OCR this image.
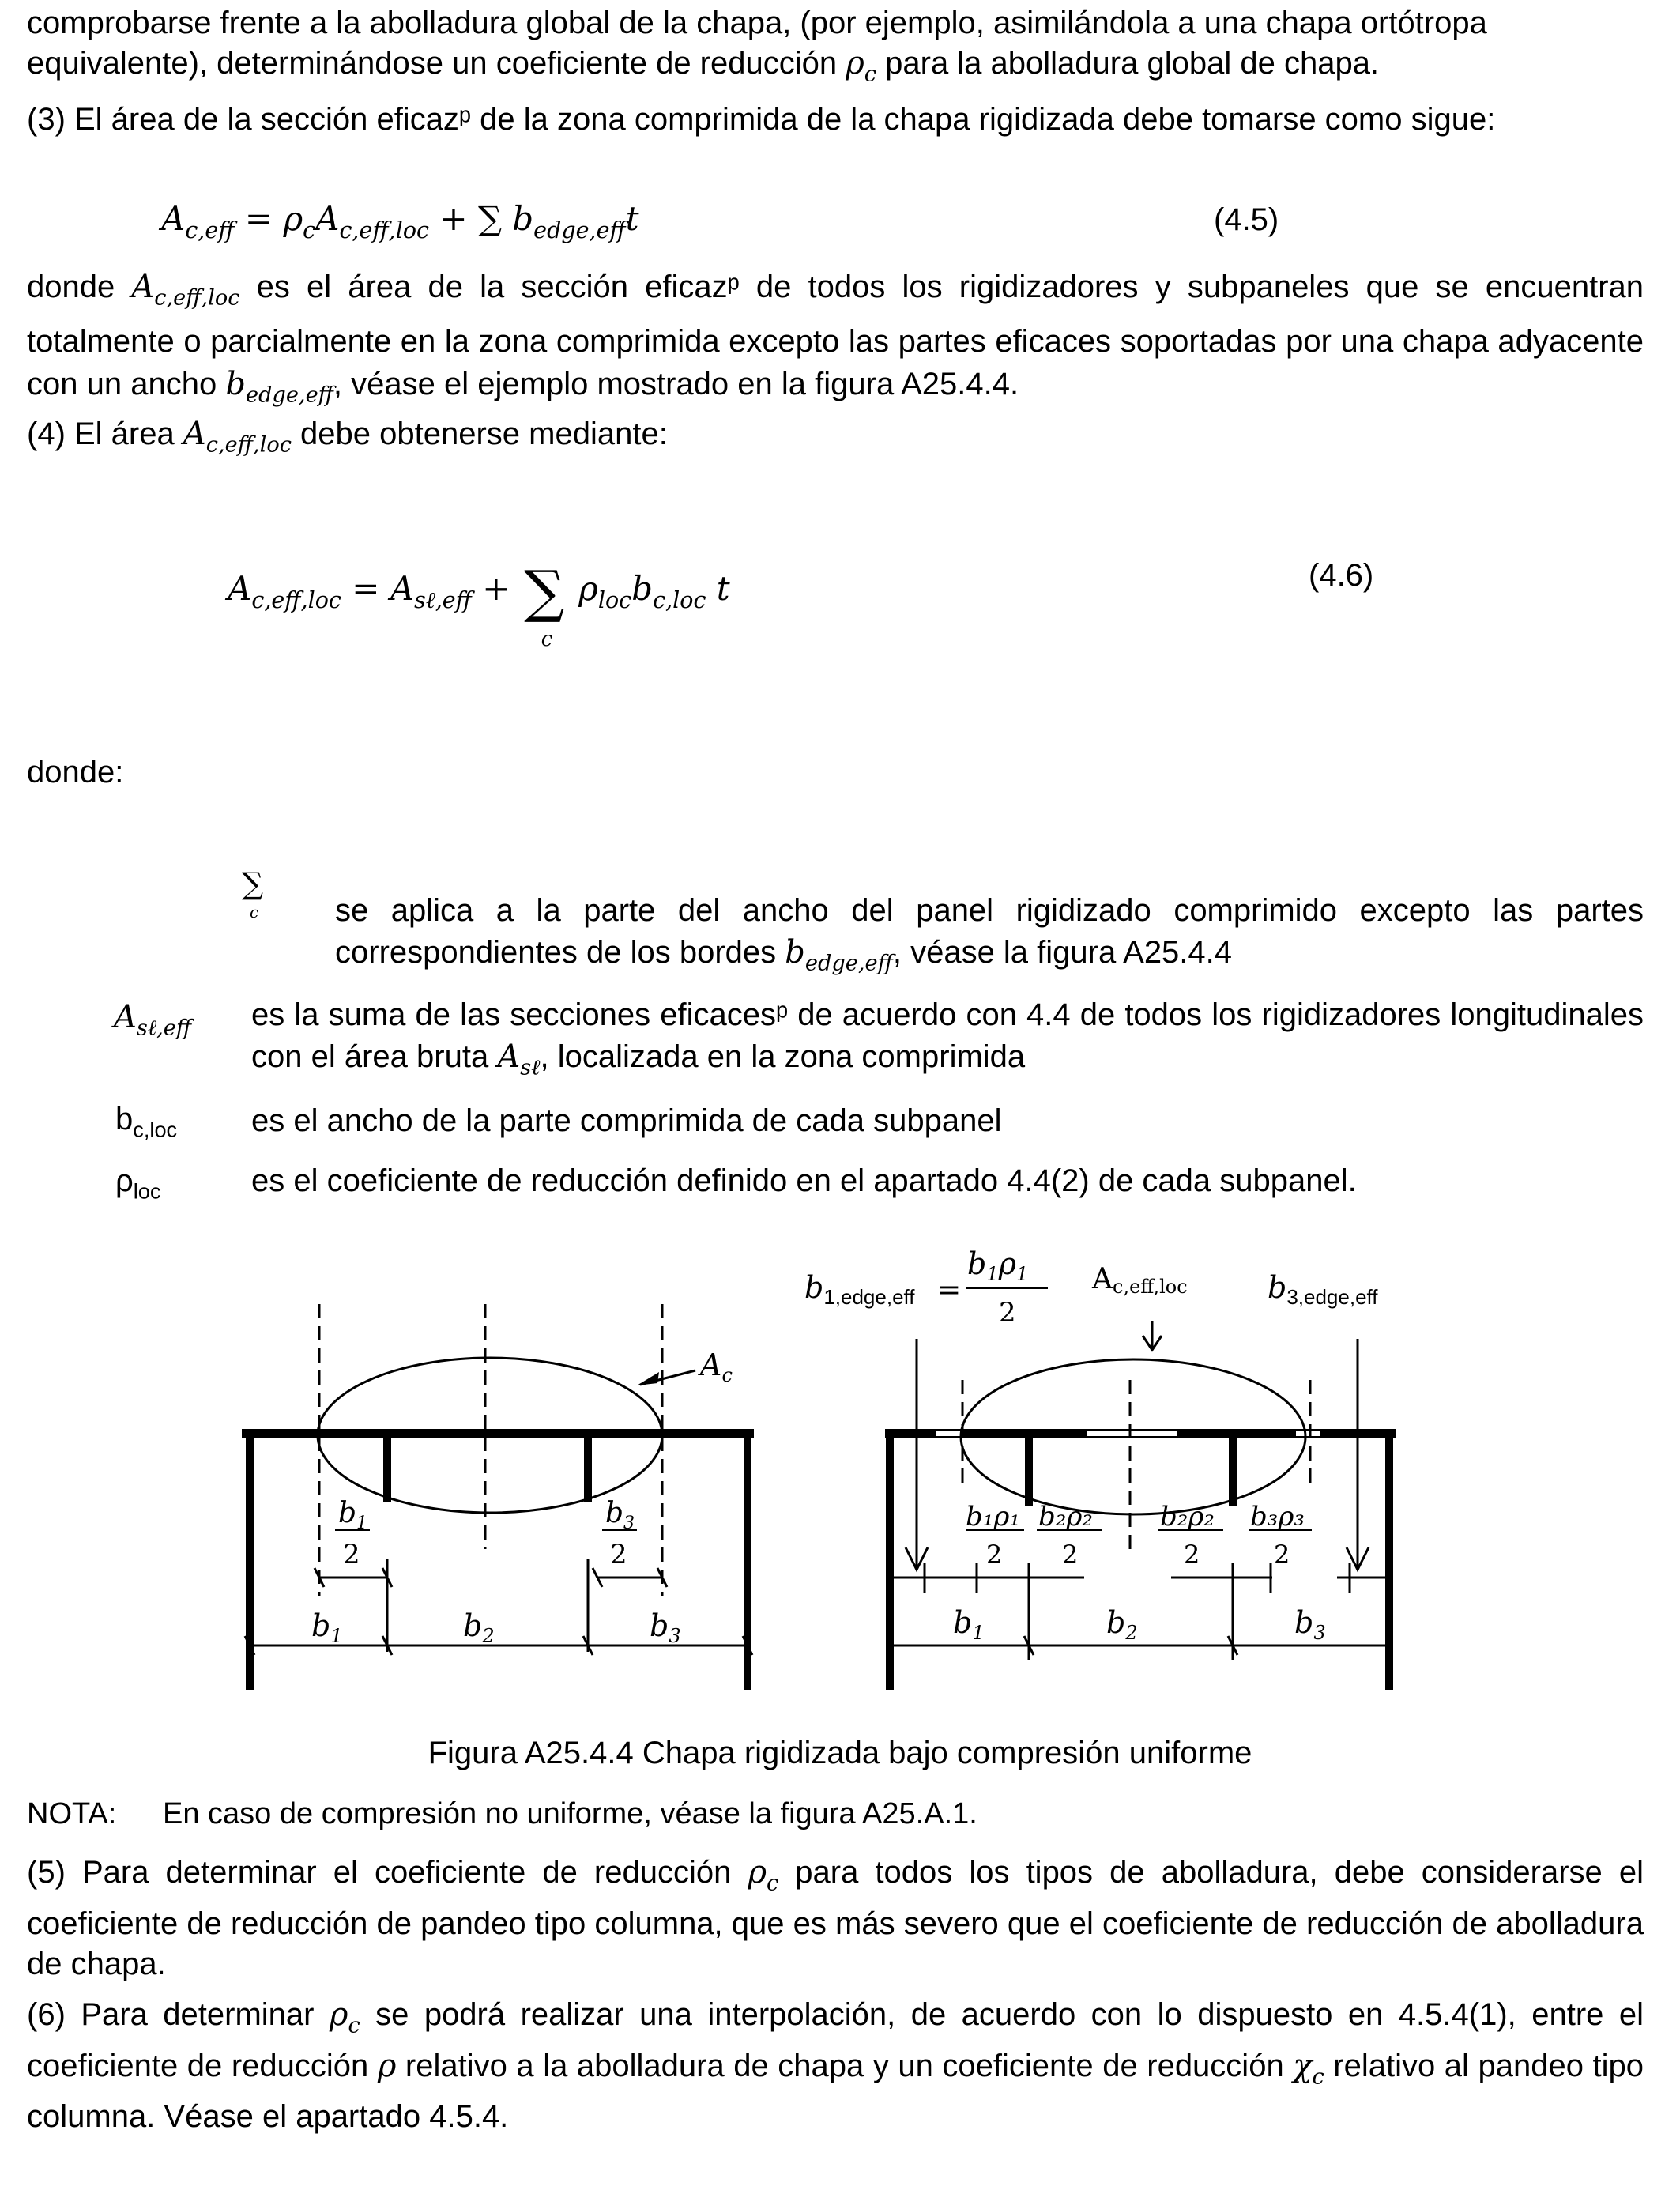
comprobarse frente a la abolladura global de la chapa, (por ejemplo, asimilándola a una chapa ortótropa
equivalente), determinándose un coeficiente de reducción $\rho_c$ para la abolladura global de chapa.

(3) El área de la sección eficazᵖ de la zona comprimida de la chapa rigidizada debe tomarse como sigue:

$A_{c,eff} = \rho_cA_{c,eff,loc}$ + ∑ $b_{edge,eff}t$	(4.5)

donde $A_{c,eff,loc}$ es el área de la sección eficazᵖ de todos los rigidizadores y subpaneles que se encuentran totalmente o parcialmente en la zona comprimida excepto las partes eficaces soportadas por una chapa adyacente con un ancho $b_{edge,eff}$, véase el ejemplo mostrado en la figura A25.4.4.

(4) El área $A_{c,eff,loc}$ debe obtenerse mediante:

$A_{c,eff,loc} = A_{s\ell,eff}$ + ∑
c
$\rho_{loc}b_{c,loc}$ t	(4.6)
donde:
∑
c se aplica a la parte del ancho del panel rigidizado comprimido excepto las partes correspondientes de los bordes $b_{edge,eff}$, véase la figura A25.4.4

$A_{s\ell,eff}$ es la suma de las secciones eficacesᵖ de acuerdo con 4.4 de todos los rigidizadores longitudinales con el área bruta $A_{s\ell}$, localizada en la zona comprimida

$b_{c,loc}$ es el ancho de la parte comprimida de cada subpanel

$\rho_{loc}$	es el coeficiente de reducción definido en el apartado 4.4(2) de cada subpanel.

$A_c$
$b_1$
2
$b_3$
2
$b_1$	$b_2$	$b_3$
$b_{1,edge,eff}$ =
$b_1\rho_1$
2
Ac,eff,loc	$b_{3,edge,eff}$
b₁ρ₁
2
b₂ρ₂
2
b₂ρ₂
2
b₃ρ₃
2
$b_1$	$b_2$	$b_3$
Figura A25.4.4 Chapa rigidizada bajo compresión uniforme
NOTA: En caso de compresión no uniforme, véase la figura A25.A.1.

(5) Para determinar el coeficiente de reducción $\rho_c$ para todos los tipos de abolladura, debe considerarse el coeficiente de reducción de pandeo tipo columna, que es más severo que el coeficiente de reducción de abolladura de chapa.

(6) Para determinar $\rho_c$ se podrá realizar una interpolación, de acuerdo con lo dispuesto en 4.5.4(1), entre el coeficiente de reducción ρ relativo a la abolladura de chapa y un coeficiente de reducción $\chi_c$ relativo al pandeo tipo columna. Véase el apartado 4.5.4.
